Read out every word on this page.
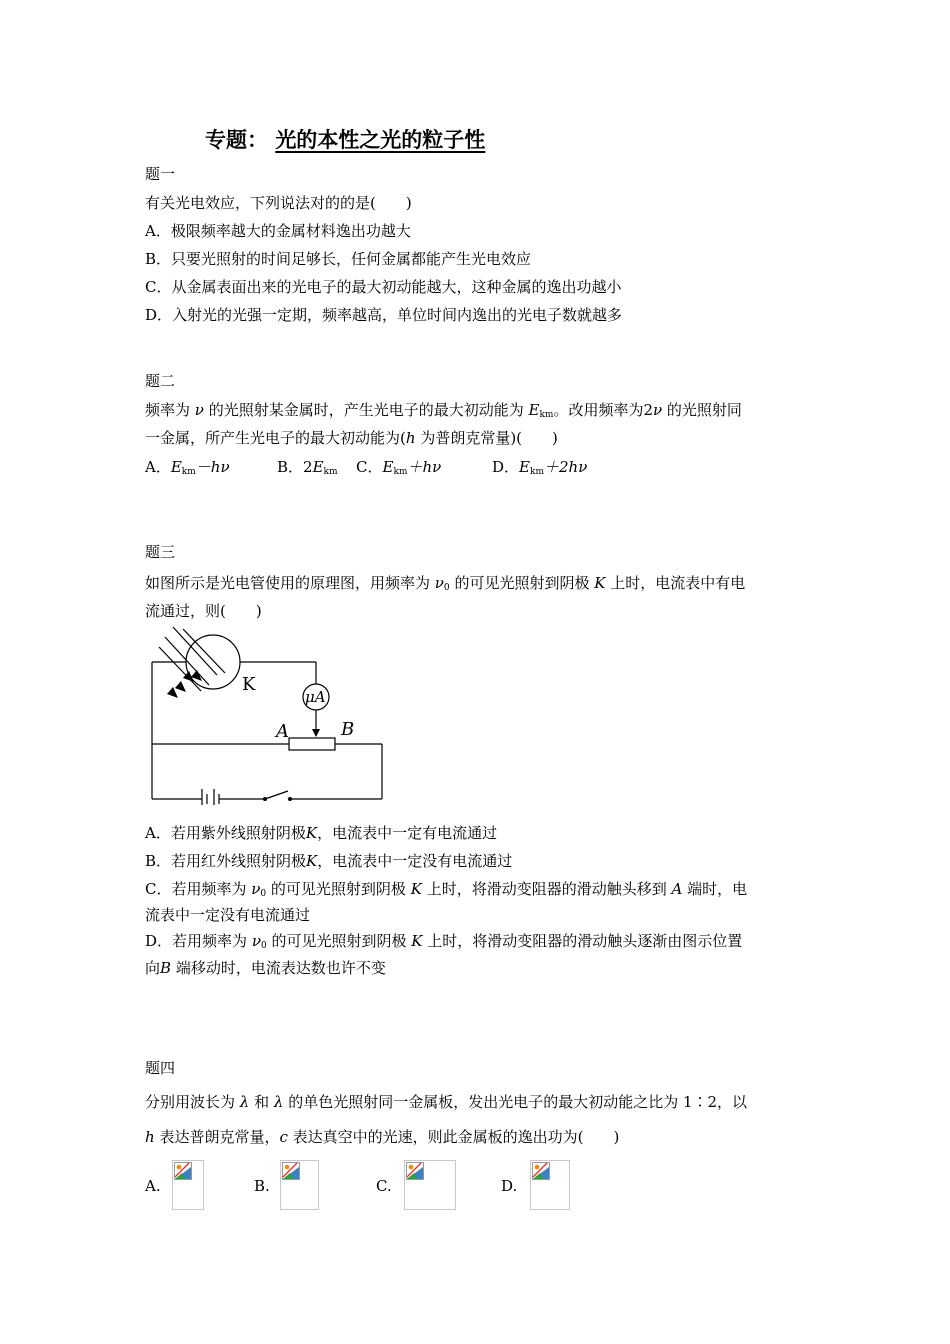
专题： 光的本性之光的粒子性
题一
有关光电效应，下列说法对的的是(　　)
A．极限频率越大的金属材料逸出功越大
B．只要光照射的时间足够长，任何金属都能产生光电效应
C．从金属表面出来的光电子的最大初动能越大，这种金属的逸出功越小
D．入射光的光强一定期，频率越高，单位时间内逸出的光电子数就越多
题二
频率为 ν 的光照射某金属时，产生光电子的最大初动能为 $E_{km}$。改用频率为2ν 的光照射同
一金属，所产生光电子的最大初动能为(h 为普朗克常量)(　　)
A．$E_{km}-h\nu$	B．$2E_{km}$ C．$E_{km}+h\nu$	D．$E_{km}+2h\nu$
题三
如图所示是光电管使用的原理图，用频率为 $\nu_0$ 的可见光照射到阴极 K 上时，电流表中有电
流通过，则(　　)
K
μA
A	B
A．若用紫外线照射阴极K，电流表中一定有电流通过
B．若用红外线照射阴极K，电流表中一定没有电流通过
C．若用频率为 $\nu_0$ 的可见光照射到阴极 K 上时，将滑动变阻器的滑动触头移到 A 端时，电
流表中一定没有电流通过
D．若用频率为 $\nu_0$ 的可见光照射到阴极 K 上时，将滑动变阻器的滑动触头逐渐由图示位置
向B 端移动时，电流表达数也许不变
题四
分别用波长为 λ 和 λ 的单色光照射同一金属板，发出光电子的最大初动能之比为 1∶2，以
h 表达普朗克常量，c 表达真空中的光速，则此金属板的逸出功为(　　)
A.	B.	C.	D.
